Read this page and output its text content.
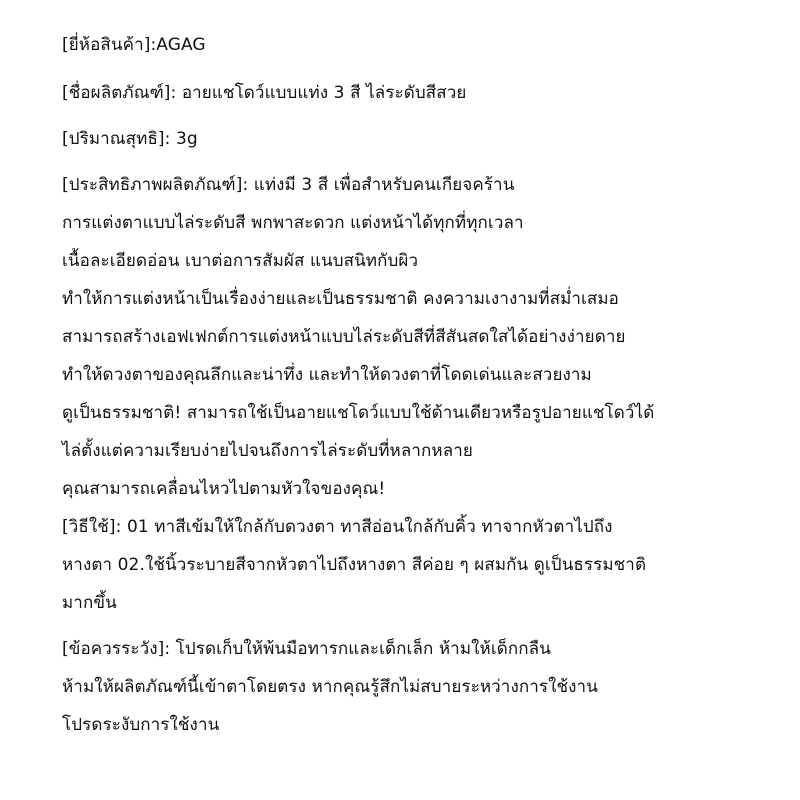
[ยี่ห้อสินค้า]:AGAG
[ชื่อผลิตภัณฑ์]: อายแชโดว์แบบแท่ง 3 สี ไล่ระดับสีสวย
[ปริมาณสุทธิ]: 3g
[ประสิทธิภาพผลิตภัณฑ์]: แท่งมี 3 สี เพื่อสำหรับคนเกียจคร้าน
การแต่งตาแบบไล่ระดับสี พกพาสะดวก แต่งหน้าได้ทุกที่ทุกเวลา
เนื้อละเอียดอ่อน เบาต่อการสัมผัส แนบสนิทกับผิว
ทำให้การแต่งหน้าเป็นเรื่องง่ายและเป็นธรรมชาติ คงความเงางามที่สม่ำเสมอ
สามารถสร้างเอฟเฟกต์การแต่งหน้าแบบไล่ระดับสีที่สีสันสดใสได้อย่างง่ายดาย
ทำให้ดวงตาของคุณลึกและน่าทึ่ง และทำให้ดวงตาที่โดดเด่นและสวยงาม
ดูเป็นธรรมชาติ! สามารถใช้เป็นอายแชโดว์แบบใช้ด้านเดียวหรือรูปอายแชโดว์ได้
ไล่ตั้งแต่ความเรียบง่ายไปจนถึงการไล่ระดับที่หลากหลาย
คุณสามารถเคลื่อนไหวไปตามหัวใจของคุณ!
[วิธีใช้]: 01 ทาสีเข้มให้ใกล้กับดวงตา ทาสีอ่อนใกล้กับคิ้ว ทาจากหัวตาไปถึง
หางตา 02.ใช้นิ้วระบายสีจากหัวตาไปถึงหางตา สีค่อย ๆ ผสมกัน ดูเป็นธรรมชาติ
มากขึ้น
[ข้อควรระวัง]: โปรดเก็บให้พ้นมือทารกและเด็กเล็ก ห้ามให้เด็กกลืน
ห้ามให้ผลิตภัณฑ์นี้เข้าตาโดยตรง หากคุณรู้สึกไม่สบายระหว่างการใช้งาน
โปรดระงับการใช้งาน
